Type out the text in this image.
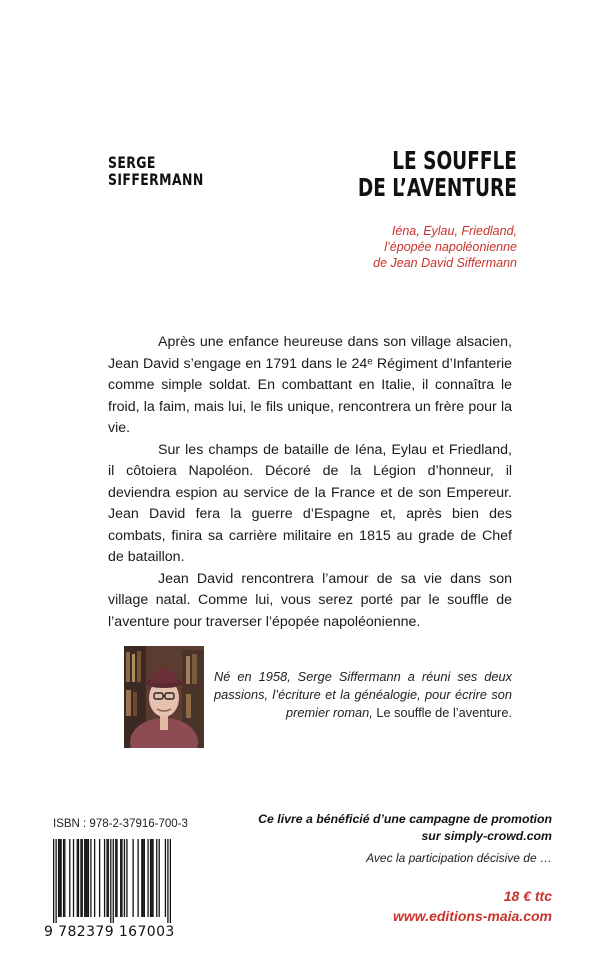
SERGE
SIFFERMANN
LE SOUFFLE
DE L’AVENTURE
Iéna, Eylau, Friedland,
l’épopée napoléonienne
de Jean David Siffermann

Après une enfance heureuse dans son village alsacien, Jean David s’engage en 1791 dans le 24ᵉ Régiment d’Infanterie comme simple soldat. En combattant en Italie, il connaîtra le froid, la faim, mais lui, le fils unique, rencontrera un frère pour la vie.

Sur les champs de bataille de Iéna, Eylau et Friedland, il côtoiera Napoléon. Décoré de la Légion d’honneur, il deviendra espion au service de la France et de son Empereur. Jean David fera la guerre d’Espagne et, après bien des combats, finira sa carrière militaire en 1815 au grade de Chef de bataillon.

Jean David rencontrera l’amour de sa vie dans son village natal. Comme lui, vous serez porté par le souffle de l’aventure pour traverser l’épopée napoléonienne.

Né en 1958, Serge Siffermann a réuni ses deux passions, l’écriture et la généalogie, pour écrire son premier roman, Le souffle de l’aventure.
ISBN : 978-2-37916-700-3
9 782379 167003
Ce livre a bénéficié d’une campagne de promotion
sur simply-crowd.com
Avec la participation décisive de …
18 € ttc
www.editions-maia.com
